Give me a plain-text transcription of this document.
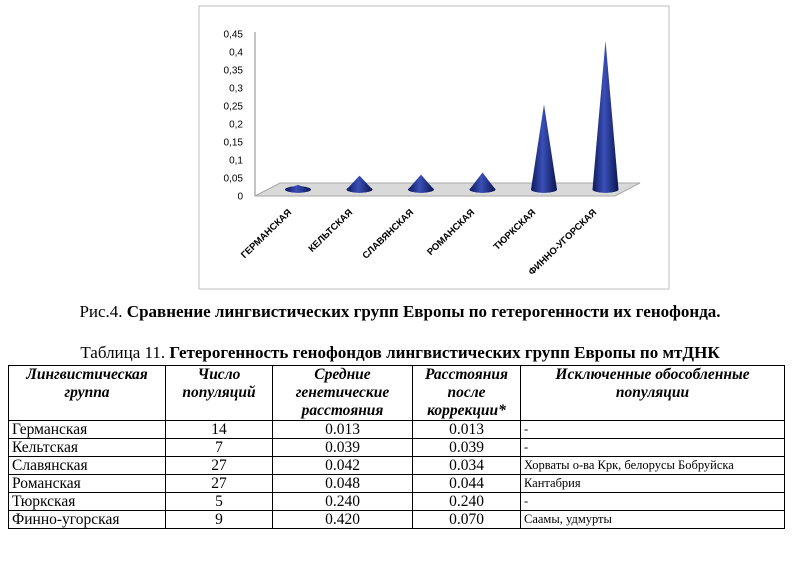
0
0,05
0,1
0,15
0,2
0,25
0,3
0,35
0,4
0,45
ГЕРМАНСКАЯ КЕЛЬТСКАЯ СЛАВЯНСКАЯ РОМАНСКАЯ ТЮРКСКАЯ
ФИННО-УГОРСКАЯ
Рис.4. Сравнение лингвистических групп Европы по гетерогенности их генофонда.
Таблица 11. Гетерогенность генофондов лингвистических групп Европы по мтДНК
Лингвистическая группа	Число популяций	Средние генетические расстояния	Расстояния после коррекции*	Исключенные обособленные популяции
Германская	14	0.013	0.013	-
Кельтская	7	0.039	0.039	-
Славянская	27	0.042	0.034	Хорваты о-ва Крк, белорусы Бобруйска
Романская	27	0.048	0.044	Кантабрия
Тюркская	5	0.240	0.240	-
Финно-угорская	9	0.420	0.070	Саамы, удмурты
